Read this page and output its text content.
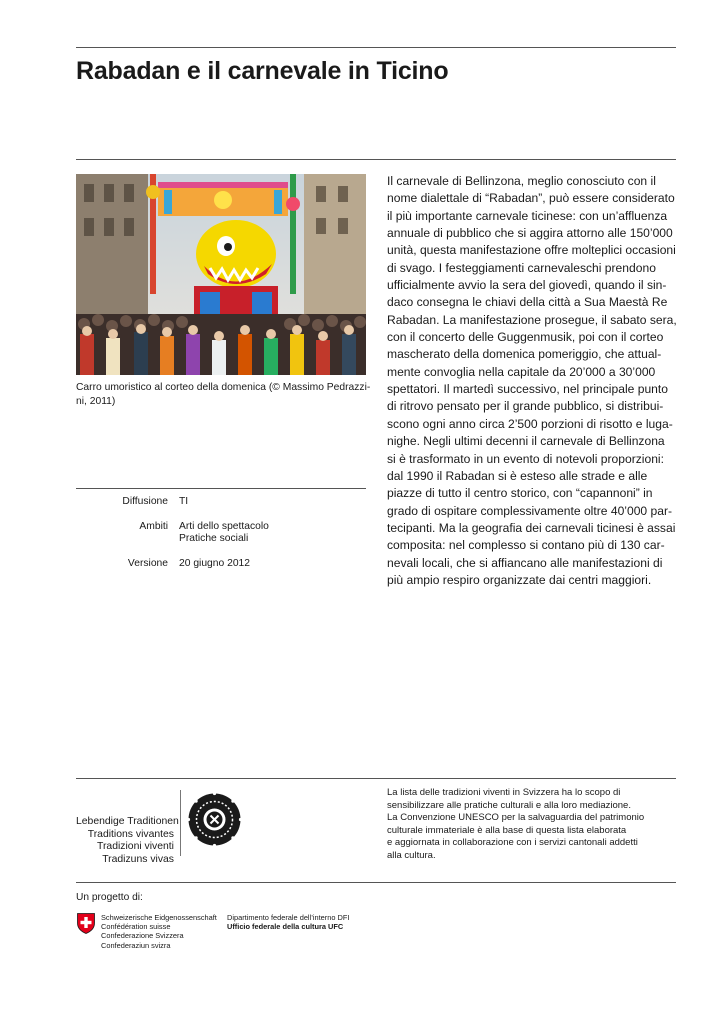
Rabadan e il carnevale in Ticino
Carro umoristico al corteo della domenica (© Massimo Pedrazzi-
ni, 2011)
Diffusione	TI
Ambiti	Arti dello spettacolo
Pratiche sociali
Versione	20 giugno 2012
Il carnevale di Bellinzona, meglio conosciuto con il
nome dialettale di “Rabadan”, può essere considerato
il più importante carnevale ticinese: con un’affluenza
annuale di pubblico che si aggira attorno alle 150’000
unità, questa manifestazione offre molteplici occasioni
di svago. I festeggiamenti carnevaleschi prendono
ufficialmente avvio la sera del giovedì, quando il sin-
daco consegna le chiavi della città a Sua Maestà Re
Rabadan. La manifestazione prosegue, il sabato sera,
con il concerto delle Guggenmusik, poi con il corteo
mascherato della domenica pomeriggio, che attual-
mente convoglia nella capitale da 20’000 a 30’000
spettatori. Il martedì successivo, nel principale punto
di ritrovo pensato per il grande pubblico, si distribui-
scono ogni anno circa 2’500 porzioni di risotto e luga-
nighe. Negli ultimi decenni il carnevale di Bellinzona
si è trasformato in un evento di notevoli proporzioni:
dal 1990 il Rabadan si è esteso alle strade e alle
piazze di tutto il centro storico, con “capannoni” in
grado di ospitare complessivamente oltre 40’000 par-
tecipanti. Ma la geografia dei carnevali ticinesi è assai
composita: nel complesso si contano più di 130 car-
nevali locali, che si affiancano alle manifestazioni di
più ampio respiro organizzate dai centri maggiori.
Lebendige Traditionen
Traditions vivantes
Tradizioni viventi
Tradizuns vivas
La lista delle tradizioni viventi in Svizzera ha lo scopo di
sensibilizzare alle pratiche culturali e alla loro mediazione.
La Convenzione UNESCO per la salvaguardia del patrimonio
culturale immateriale è alla base di questa lista elaborata
e aggiornata in collaborazione con i servizi cantonali addetti
alla cultura.
Un progetto di:
Schweizerische Eidgenossenschaft
Confédération suisse
Confederazione Svizzera
Confederaziun svizra
Dipartimento federale dell’interno DFI
Ufficio federale della cultura UFC
